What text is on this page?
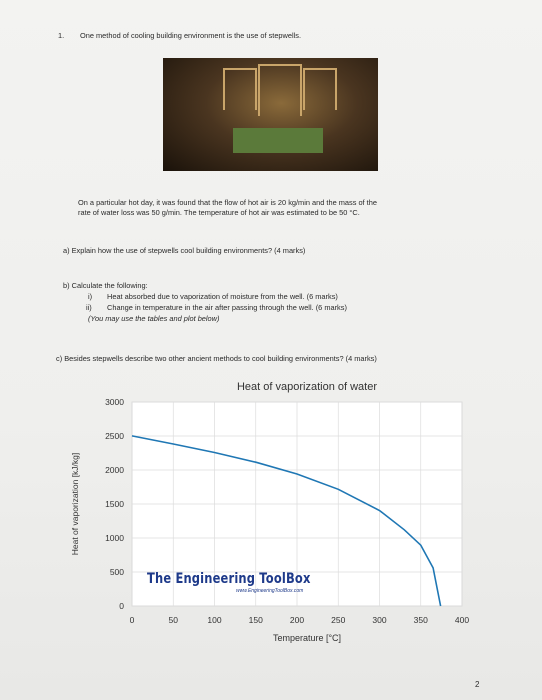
1. One method of cooling building environment is the use of stepwells.
On a particular hot day, it was found that the flow of hot air is 20 kg/min and the mass of the
rate of water loss was 50 g/min. The temperature of hot air was estimated to be 50 °C.
a) Explain how the use of stepwells cool building environments? (4 marks)
b) Calculate the following:
i) Heat absorbed due to vaporization of moisture from the well. (6 marks)
ii) Change in temperature in the air after passing through the well. (6 marks)
(You may use the tables and plot below)
c) Besides stepwells describe two other ancient methods to cool building environments? (4 marks)
0	50	100	150	200	250	300	350	400
0
500
1000
1500
2000
2500
3000
Heat of vaporization of water
Temperature [°C]
Heat of vaporization [kJ/kg]
The Engineering ToolBox
www.EngineeringToolBox.com
2
